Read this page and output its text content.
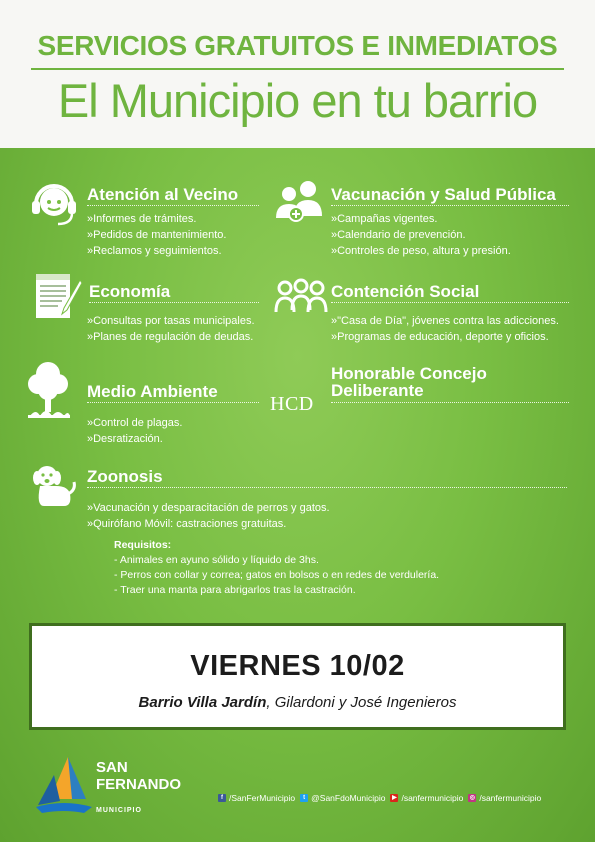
SERVICIOS GRATUITOS E INMEDIATOS
El Municipio en tu barrio
Atención al Vecino
»Informes de trámites.
»Pedidos de mantenimiento.
»Reclamos y seguimientos.
Vacunación y Salud Pública
»Campañas vigentes.
»Calendario de prevención.
»Controles de peso, altura y presión.
Economía
»Consultas por tasas municipales.
»Planes de regulación de deudas.
Contención Social
»"Casa de Día", jóvenes contra las adicciones.
»Programas de educación, deporte y oficios.
Medio Ambiente
»Control de plagas.
»Desratización.
HCD
Honorable Concejo
Deliberante
Zoonosis
»Vacunación y desparacitación de perros y gatos.
»Quirófano Móvil: castraciones gratuitas.
Requisitos:
- Animales en ayuno sólido y líquido de 3hs.
- Perros con collar y correa; gatos en bolsos o en redes de verdulería.
- Traer una manta para abrigarlos tras la castración.
VIERNES 10/02
Barrio Villa Jardín, Gilardoni y José Ingenieros
SAN
FERNANDO
MUNICIPIO
f /SanFerMunicipio	t @SanFdoMunicipio ▶ /sanfermunicipio ◎ /sanfermunicipio
